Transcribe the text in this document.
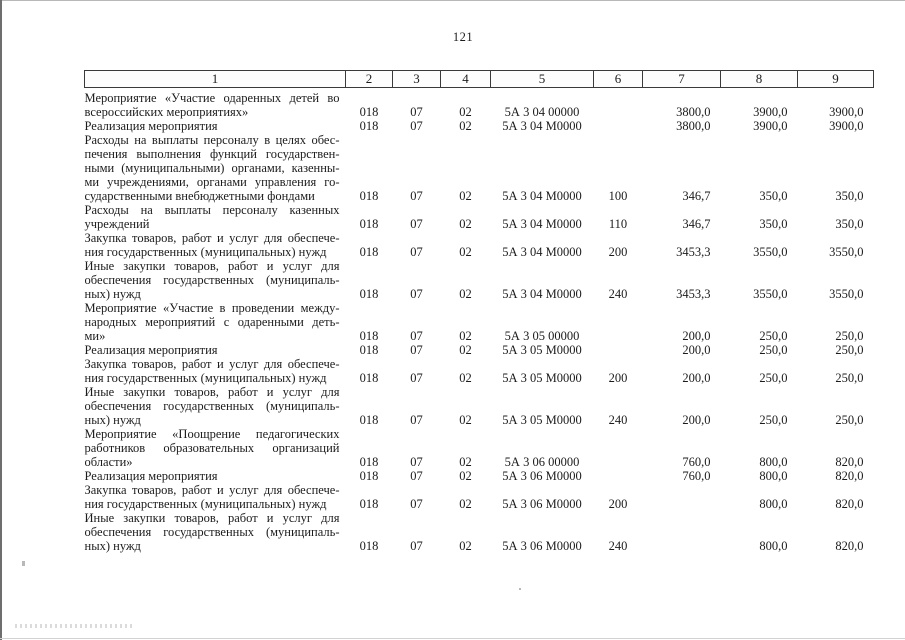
121
1	2	3	4	5	6	7	8	9

Мероприятие «Участие одаренных детей во
всероссийских мероприятиях»	018	07	02	5А 3 04 00000		3800,0	3900,0	3900,0

Реализация мероприятия	018	07	02	5А 3 04 М0000		3800,0	3900,0	3900,0

Расходы на выплаты персоналу в целях обес-
печения выполнения функций государствен-
ными (муниципальными) органами, казенны-
ми учреждениями, органами управления го-
сударственными внебюджетными фондами	018	07	02	5А 3 04 М0000	100	346,7	350,0	350,0

Расходы на выплаты персоналу казенных
учреждений	018	07	02	5А 3 04 М0000	110	346,7	350,0	350,0

Закупка товаров, работ и услуг для обеспече-
ния государственных (муниципальных) нужд	018	07	02	5А 3 04 М0000	200	3453,3	3550,0	3550,0

Иные закупки товаров, работ и услуг для
обеспечения государственных (муниципаль-
ных) нужд	018	07	02	5А 3 04 М0000	240	3453,3	3550,0	3550,0

Мероприятие «Участие в проведении между-
народных мероприятий с одаренными деть-
ми»	018	07	02	5А 3 05 00000		200,0	250,0	250,0

Реализация мероприятия	018	07	02	5А 3 05 М0000		200,0	250,0	250,0

Закупка товаров, работ и услуг для обеспече-
ния государственных (муниципальных) нужд	018	07	02	5А 3 05 М0000	200	200,0	250,0	250,0

Иные закупки товаров, работ и услуг для
обеспечения государственных (муниципаль-
ных) нужд	018	07	02	5А 3 05 М0000	240	200,0	250,0	250,0

Мероприятие «Поощрение педагогических
работников образовательных организаций
области»	018	07	02	5А 3 06 00000		760,0	800,0	820,0

Реализация мероприятия	018	07	02	5А 3 06 М0000		760,0	800,0	820,0

Закупка товаров, работ и услуг для обеспече-
ния государственных (муниципальных) нужд	018	07	02	5А 3 06 М0000	200		800,0	820,0

Иные закупки товаров, работ и услуг для
обеспечения государственных (муниципаль-
ных) нужд	018	07	02	5А 3 06 М0000	240		800,0	820,0
